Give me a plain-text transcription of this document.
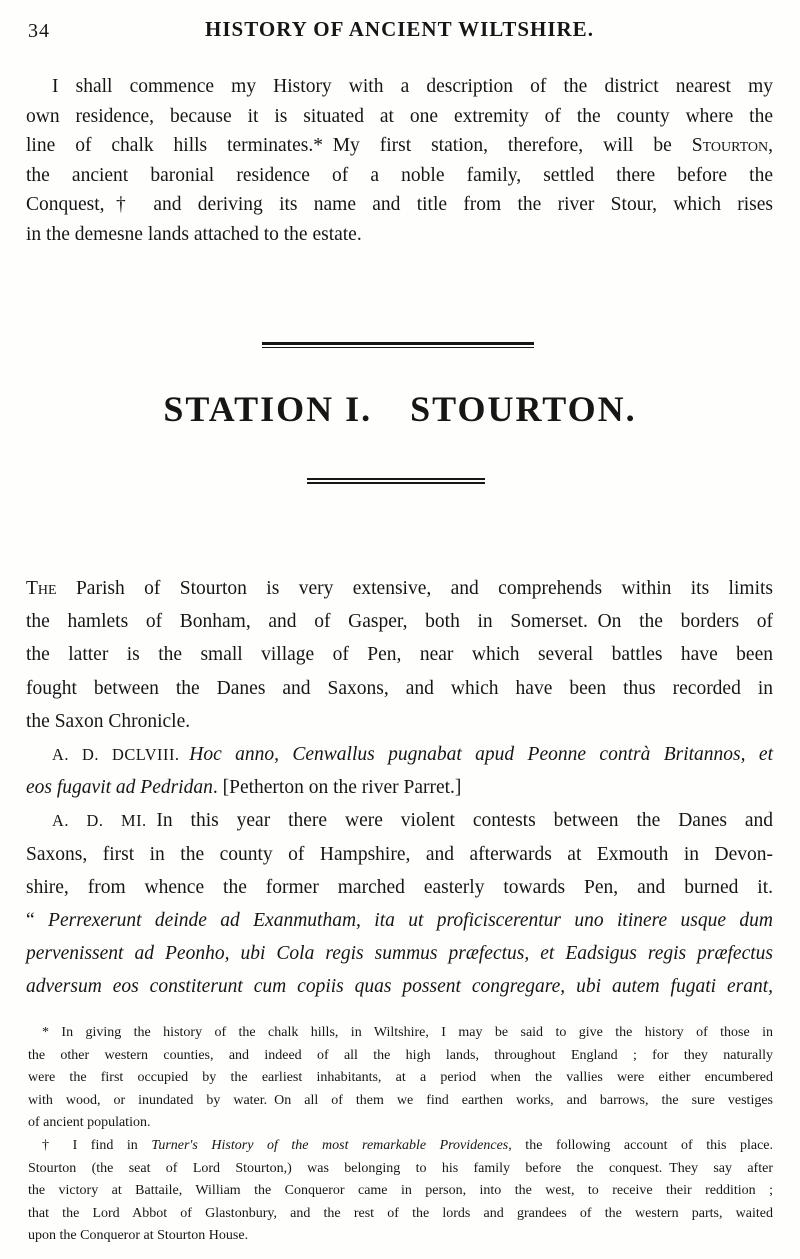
34	HISTORY OF ANCIENT WILTSHIRE.
I shall commence my History with a description of the district nearest my
own residence, because it is situated at one extremity of the county where the
line of chalk hills terminates.* My first station, therefore, will be Stourton,
the ancient baronial residence of a noble family, settled there before the
Conquest,† and deriving its name and title from the river Stour, which rises
in the demesne lands attached to the estate.
STATION I. STOURTON.
The Parish of Stourton is very extensive, and comprehends within its limits
the hamlets of Bonham, and of Gasper, both in Somerset. On the borders of
the latter is the small village of Pen, near which several battles have been
fought between the Danes and Saxons, and which have been thus recorded in
the Saxon Chronicle.
A. D. DCLVIII.  Hoc anno, Cenwallus pugnabat apud Peonne contrà Britannos, et
eos fugavit ad Pedridan. [Petherton on the river Parret.]
A. D. MI. In this year there were violent contests between the Danes and
Saxons, first in the county of Hampshire, and afterwards at Exmouth in Devon-
shire, from whence the former marched easterly towards Pen, and burned it.
“ Perrexerunt deinde ad Exanmutham, ita ut proficiscerentur uno itinere usque dum
pervenissent ad Peonho, ubi Cola regis summus præfectus, et Eadsigus regis præfectus
adversum eos constiterunt cum copiis quas possent congregare, ubi autem fugati erant,
* In giving the history of the chalk hills, in Wiltshire, I may be said to give the history of those in
the other western counties, and indeed of all the high lands, throughout England ; for they naturally
were the first occupied by the earliest inhabitants, at a period when the vallies were either encumbered
with wood, or inundated by water. On all of them we find earthen works, and barrows, the sure vestiges
of ancient population.
† I find in Turner's History of the most remarkable Providences, the following account of this place.
Stourton (the seat of Lord Stourton,) was belonging to his family before the conquest. They say after
the victory at Battaile, William the Conqueror came in person, into the west, to receive their reddition ;
that the Lord Abbot of Glastonbury, and the rest of the lords and grandees of the western parts, waited
upon the Conqueror at Stourton House.
